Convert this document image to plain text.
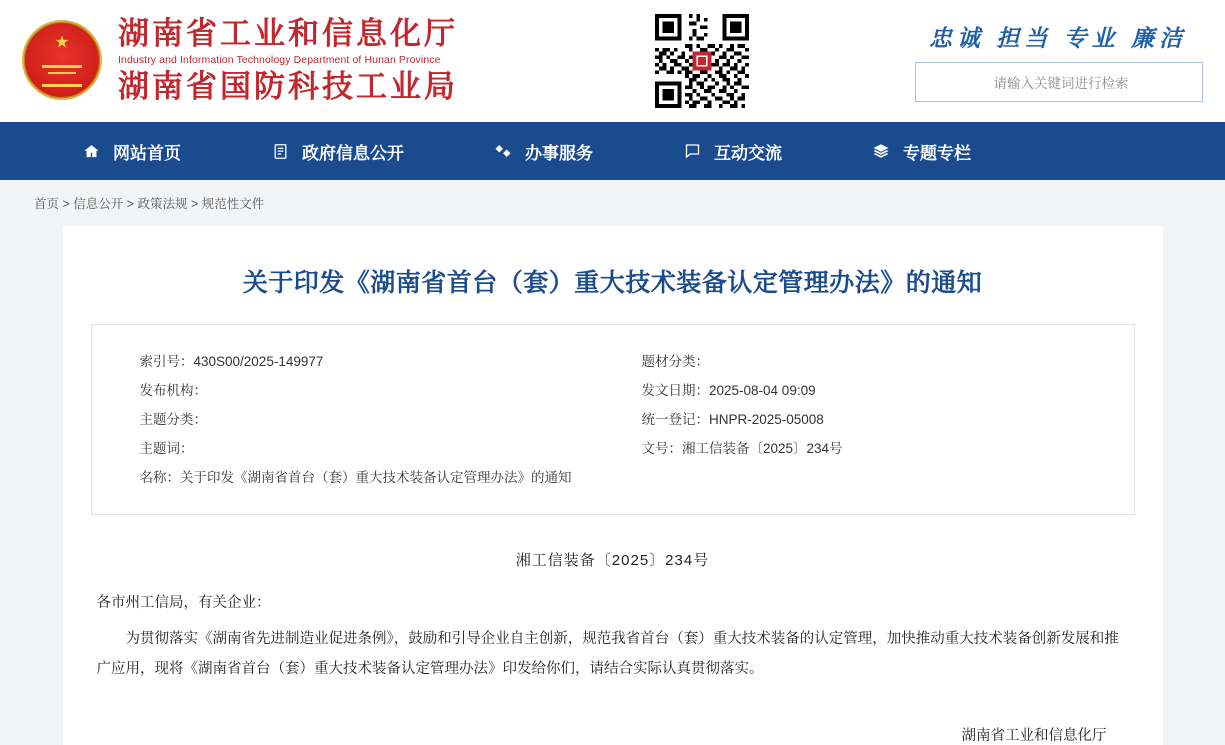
★ 湖南省工业和信息化厅
Industry and Information Technology Department of Hunan Province
湖南省国防科技工业局
忠诚 担当 专业 廉洁
请输入关键词进行检索
网站首页	政府信息公开	办事服务	互动交流	专题专栏
首页 > 信息公开 > 政策法规 > 规范性文件
关于印发《湖南省首台（套）重大技术装备认定管理办法》的通知
索引号：430S00/2025-149977
发布机构：
主题分类：
主题词：
名称：关于印发《湖南省首台（套）重大技术装备认定管理办法》的通知
题材分类：
发文日期：2025-08-04 09:09
统一登记：HNPR-2025-05008
文号：湘工信装备〔2025〕234号
湘工信装备〔2025〕234号

各市州工信局，有关企业：

为贯彻落实《湖南省先进制造业促进条例》，鼓励和引导企业自主创新，规范我省首台（套）重大技术装备的认定管理，加快推动重大技术装备创新发展和推广应用，现将《湖南省首台（套）重大技术装备认定管理办法》印发给你们，请结合实际认真贯彻落实。

湖南省工业和信息化厅
